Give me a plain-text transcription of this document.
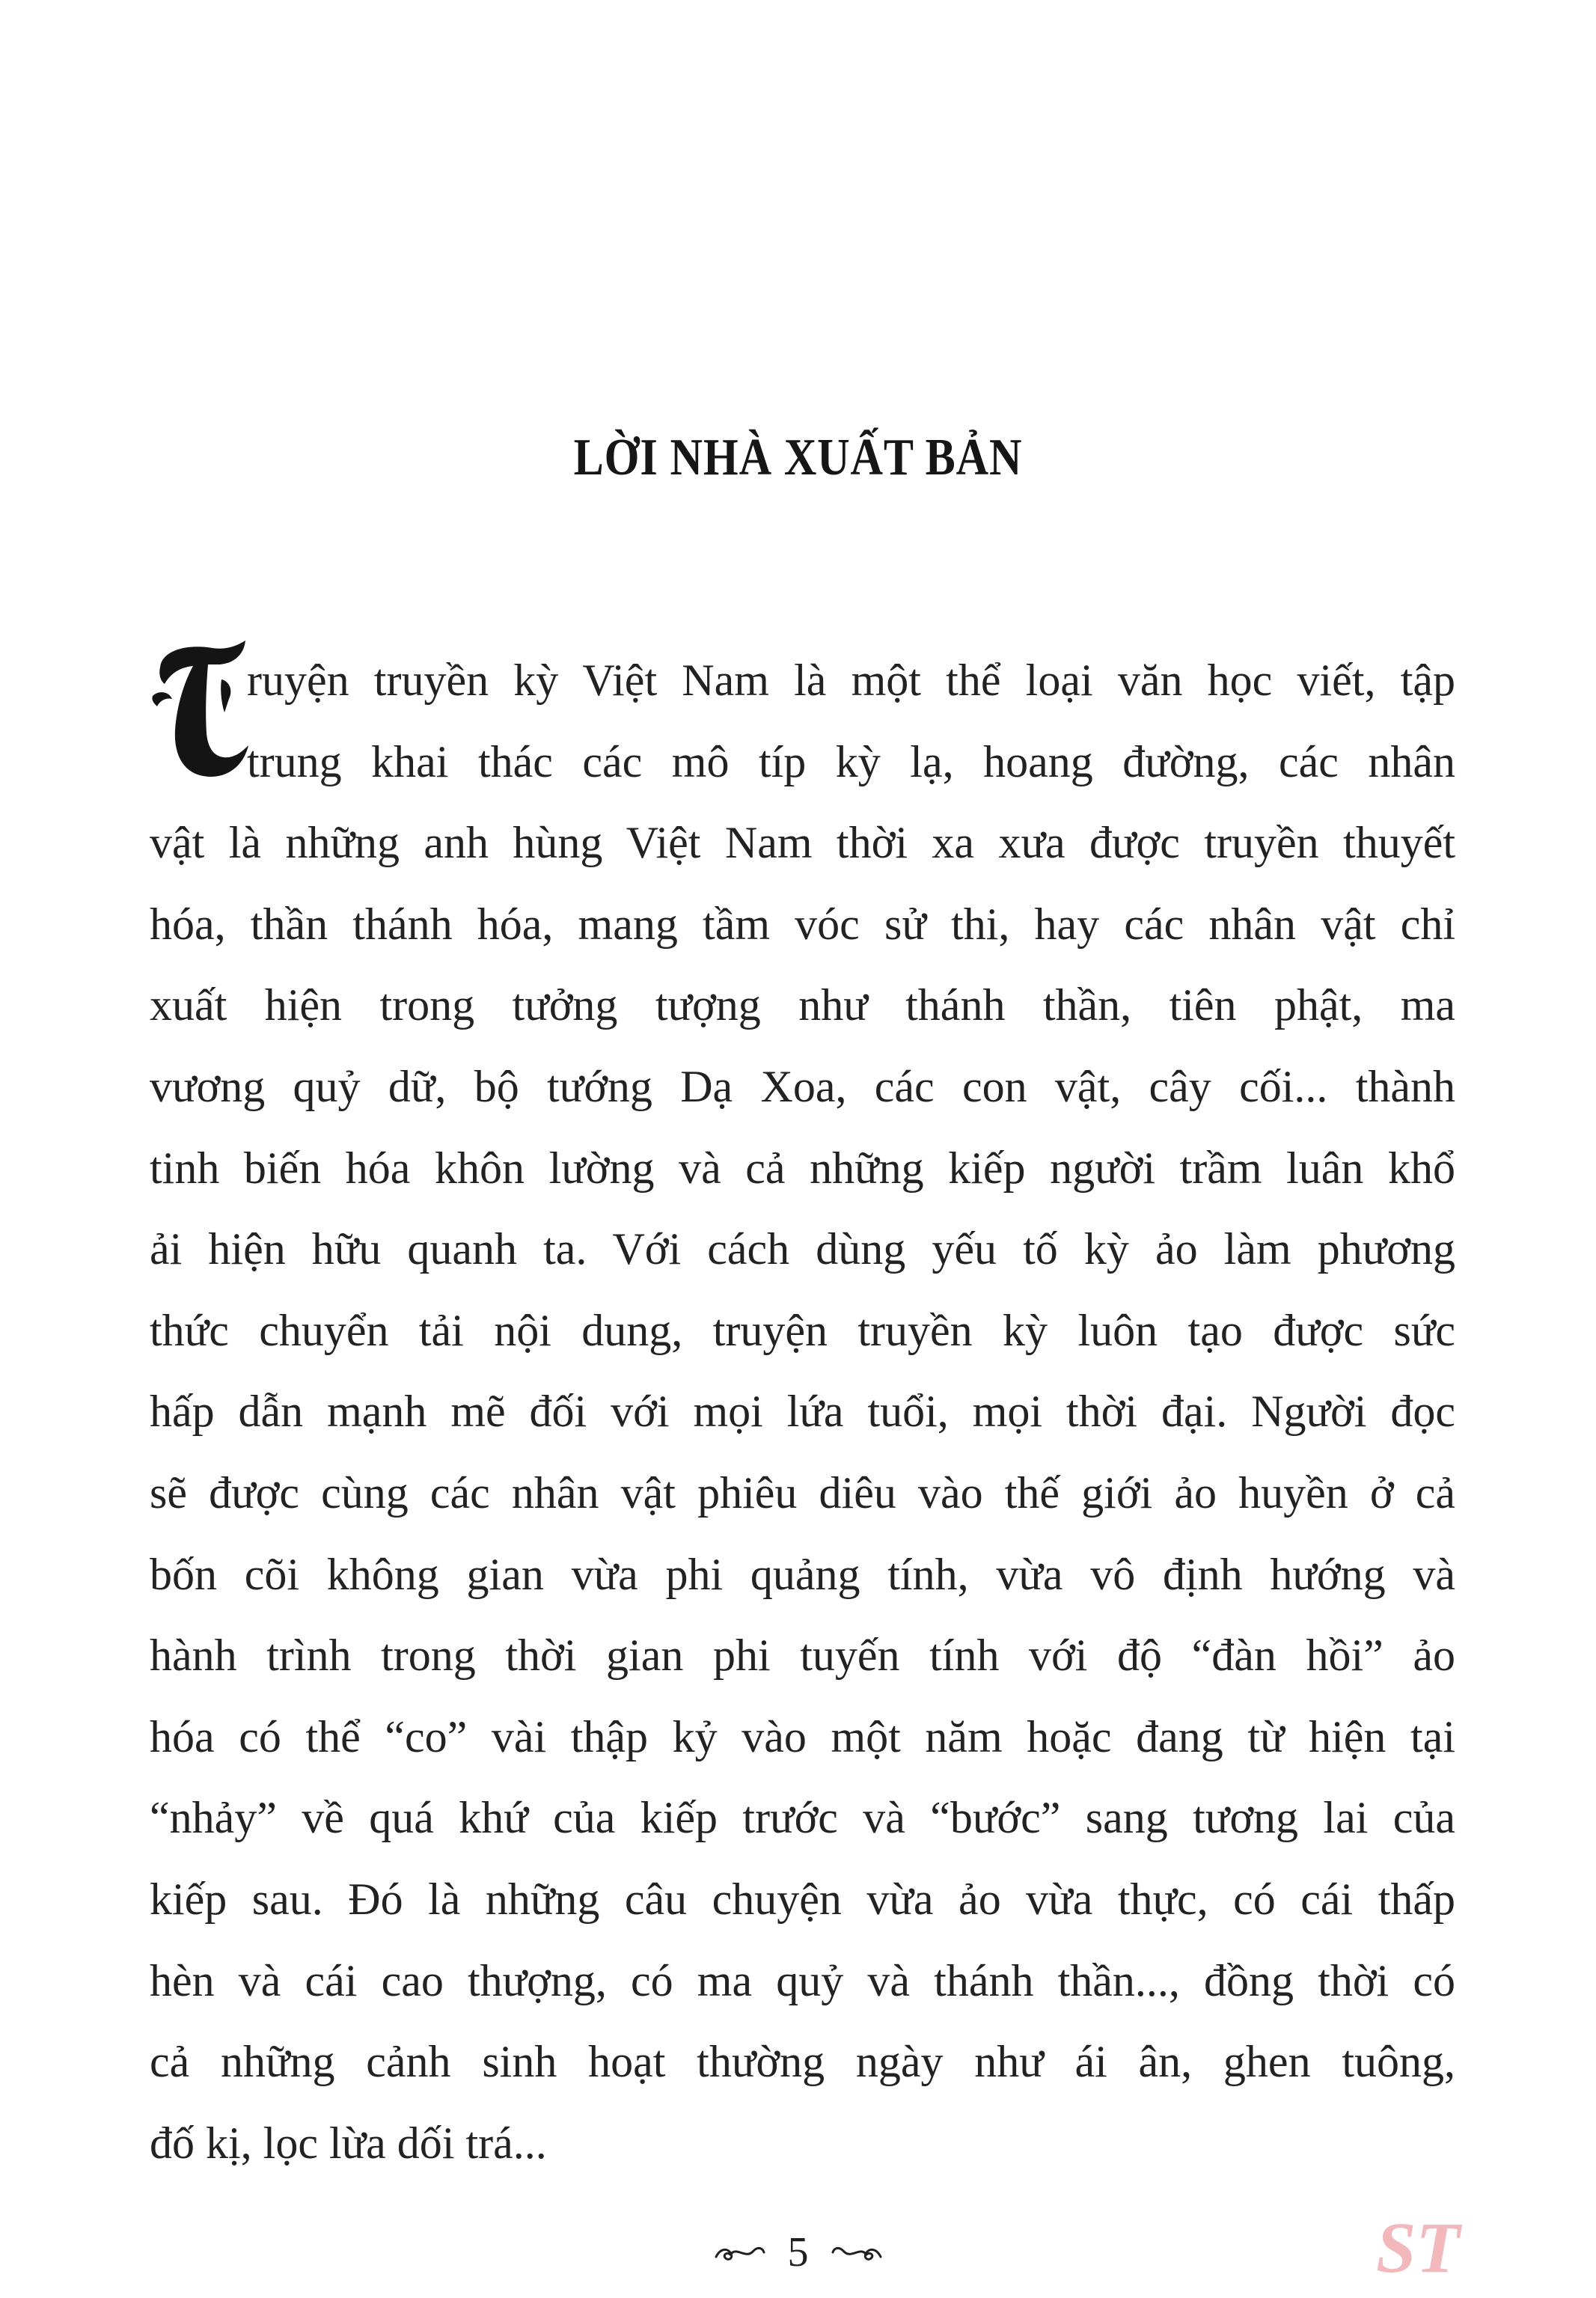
LỜI NHÀ XUẤT BẢN
T
ruyện truyền kỳ Việt Nam là một thể loại văn học viết, tập
trung khai thác các mô típ kỳ lạ, hoang đường, các nhân
vật là những anh hùng Việt Nam thời xa xưa được truyền thuyết
hóa, thần thánh hóa, mang tầm vóc sử thi, hay các nhân vật chỉ
xuất hiện trong tưởng tượng như thánh thần, tiên phật, ma
vương quỷ dữ, bộ tướng Dạ Xoa, các con vật, cây cối... thành
tinh biến hóa khôn lường và cả những kiếp người trầm luân khổ
ải hiện hữu quanh ta. Với cách dùng yếu tố kỳ ảo làm phương
thức chuyển tải nội dung, truyện truyền kỳ luôn tạo được sức
hấp dẫn mạnh mẽ đối với mọi lứa tuổi, mọi thời đại. Người đọc
sẽ được cùng các nhân vật phiêu diêu vào thế giới ảo huyền ở cả
bốn cõi không gian vừa phi quảng tính, vừa vô định hướng và
hành trình trong thời gian phi tuyến tính với độ “đàn hồi” ảo
hóa có thể “co” vài thập kỷ vào một năm hoặc đang từ hiện tại
“nhảy” về quá khứ của kiếp trước và “bước” sang tương lai của
kiếp sau. Đó là những câu chuyện vừa ảo vừa thực, có cái thấp
hèn và cái cao thượng, có ma quỷ và thánh thần..., đồng thời có
cả những cảnh sinh hoạt thường ngày như ái ân, ghen tuông,
đố kị, lọc lừa dối trá...
5	ST
